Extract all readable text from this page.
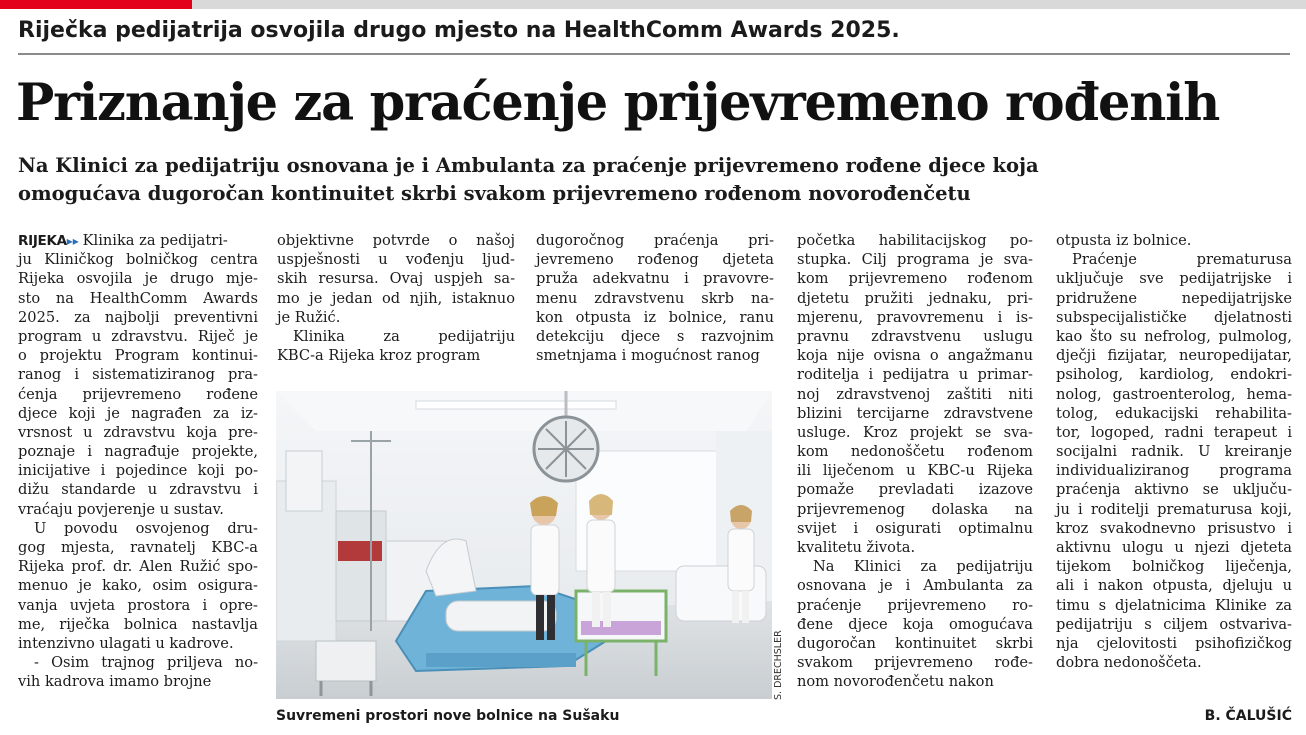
Riječka pedijatrija osvojila drugo mjesto na HealthComm Awards 2025.
Priznanje za praćenje prijevremeno rođenih
Na Klinici za pedijatriju osnovana je i Ambulanta za praćenje prijevremeno rođene djece koja
omogućava dugoročan kontinuitet skrbi svakom prijevremeno rođenom novorođenčetu
RIJEKA▸▸ Klinika za pedijatri-
ju Kliničkog bolničkog centra
Rijeka osvojila je drugo mje-
sto na HealthComm Awards
2025. za najbolji preventivni
program u zdravstvu. Riječ je
o projektu Program kontinui-
ranog i sistematiziranog pra-
ćenja prijevremeno rođene
djece koji je nagrađen za iz-
vrsnost u zdravstvu koja pre-
poznaje i nagrađuje projekte,
inicijative i pojedince koji po-
dižu standarde u zdravstvu i
vraćaju povjerenje u sustav.
U povodu osvojenog dru-
gog mjesta, ravnatelj KBC-a
Rijeka prof. dr. Alen Ružić spo-
menuo je kako, osim osigura-
vanja uvjeta prostora i opre-
me, riječka bolnica nastavlja
intenzivno ulagati u kadrove.
- Osim trajnog priljeva no-
vih kadrova imamo brojne
objektivne potvrde o našoj
uspješnosti u vođenju ljud-
skih resursa. Ovaj uspjeh sa-
mo je jedan od njih, istaknuo
je Ružić.
Klinika za pedijatriju
KBC-a Rijeka kroz program
dugoročnog praćenja pri-
jevremeno rođenog djeteta
pruža adekvatnu i pravovre-
menu zdravstvenu skrb na-
kon otpusta iz bolnice, ranu
detekciju djece s razvojnim
smetnjama i mogućnost ranog
početka habilitacijskog po-
stupka. Cilj programa je sva-
kom prijevremeno rođenom
djetetu pružiti jednaku, pri-
mjerenu, pravovremenu i is-
pravnu zdravstvenu uslugu
koja nije ovisna o angažmanu
roditelja i pedijatra u primar-
noj zdravstvenoj zaštiti niti
blizini tercijarne zdravstvene
usluge. Kroz projekt se sva-
kom nedonoščetu rođenom
ili liječenom u KBC-u Rijeka
pomaže prevladati izazove
prijevremenog dolaska na
svijet i osigurati optimalnu
kvalitetu života.
Na Klinici za pedijatriju
osnovana je i Ambulanta za
praćenje prijevremeno ro-
đene djece koja omogućava
dugoročan kontinuitet skrbi
svakom prijevremeno rođe-
nom novorođenčetu nakon
otpusta iz bolnice.
Praćenje prematurusa
uključuje sve pedijatrijske i
pridružene nepedijatrijske
subspecijalističke djelatnosti
kao što su nefrolog, pulmolog,
dječji fizijatar, neuropedijatar,
psiholog, kardiolog, endokri-
nolog, gastroenterolog, hema-
tolog, edukacijski rehabilita-
tor, logoped, radni terapeut i
socijalni radnik. U kreiranje
individualiziranog programa
praćenja aktivno se uključu-
ju i roditelji prematurusa koji,
kroz svakodnevno prisustvo i
aktivnu ulogu u njezi djeteta
tijekom bolničkog liječenja,
ali i nakon otpusta, djeluju u
timu s djelatnicima Klinike za
pedijatriju s ciljem ostvariva-
nja cjelovitosti psihofizičkog
dobra nedonoščeta.
S. DRECHSLER
Suvremeni prostori nove bolnice na Sušaku	B. ČALUŠIĆ
